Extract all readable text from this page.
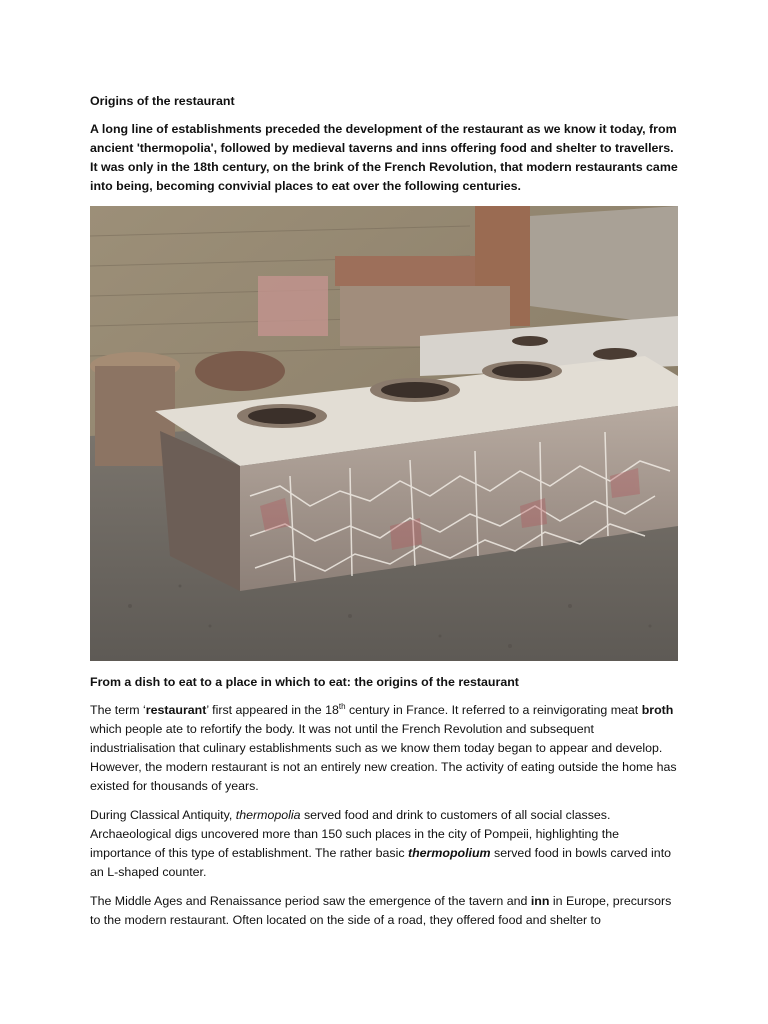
Origins of the restaurant

A long line of establishments preceded the development of the restaurant as we know it today, from ancient 'thermopolia', followed by medieval taverns and inns offering food and shelter to travellers. It was only in the 18th century, on the brink of the French Revolution, that modern restaurants came into being, becoming convivial places to eat over the following centuries.

From a dish to eat to a place in which to eat: the origins of the restaurant

The term ‘restaurant’ first appeared in the 18th century in France. It referred to a reinvigorating meat broth which people ate to refortify the body. It was not until the French Revolution and subsequent industrialisation that culinary establishments such as we know them today began to appear and develop. However, the modern restaurant is not an entirely new creation. The activity of eating outside the home has existed for thousands of years.

During Classical Antiquity, thermopolia served food and drink to customers of all social classes. Archaeological digs uncovered more than 150 such places in the city of Pompeii, highlighting the importance of this type of establishment. The rather basic thermopolium served food in bowls carved into an L-shaped counter.

The Middle Ages and Renaissance period saw the emergence of the tavern and inn in Europe, precursors to the modern restaurant. Often located on the side of a road, they offered food and shelter to
